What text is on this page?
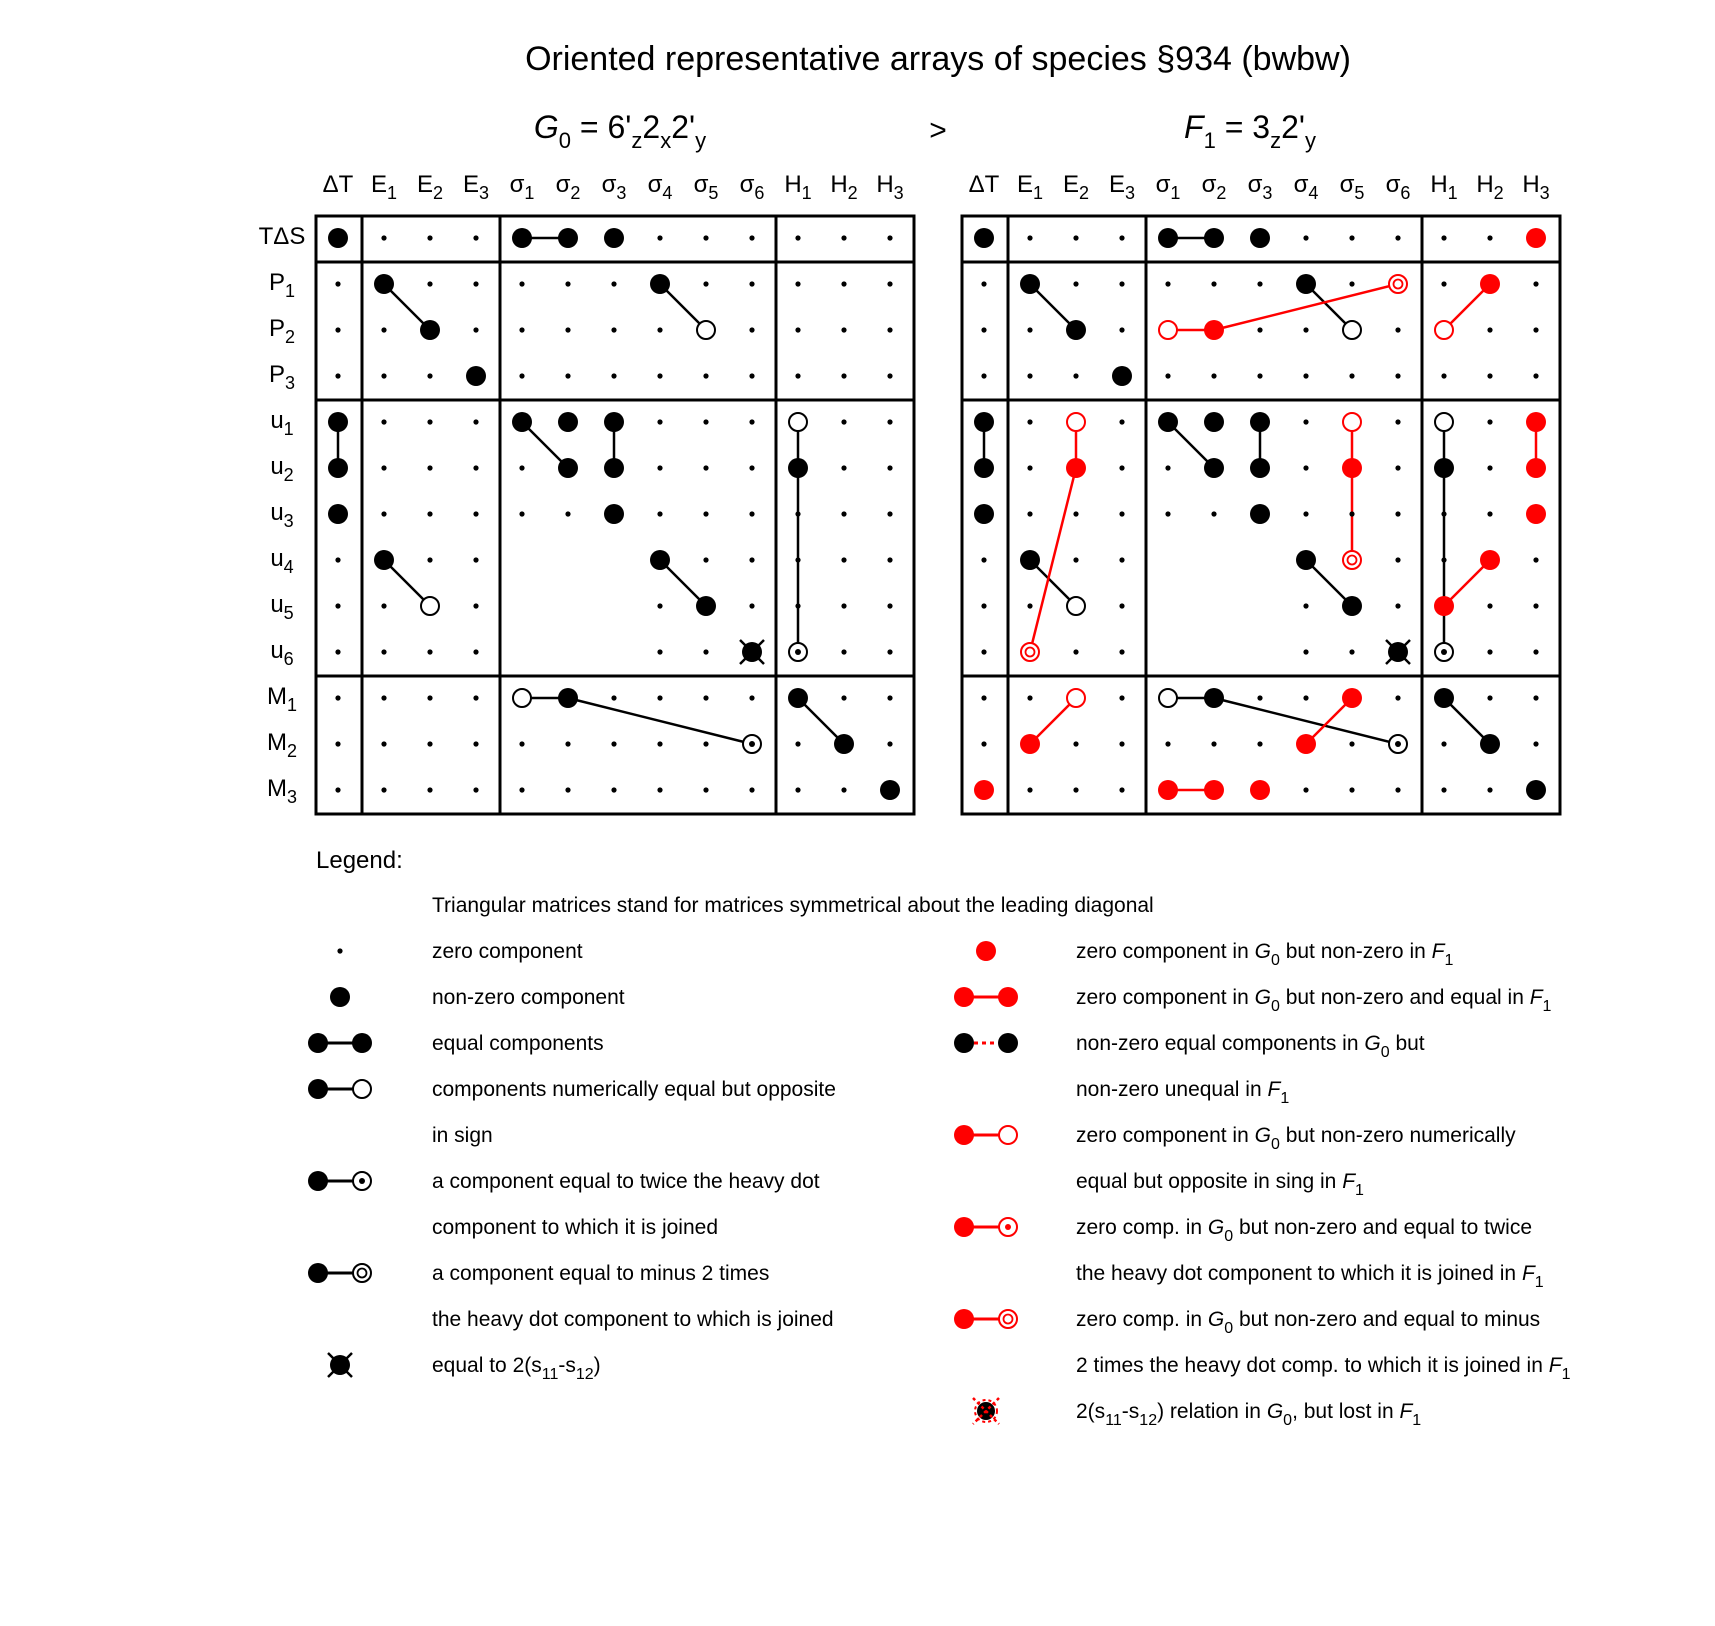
Oriented representative arrays of species §934 (bwbw)
$G_0 = 6'_z2_x2'_y$	>	$F_1 = 3_z2'_y$
ΔT $E_1$ $E_2$ $E_3$ $\sigma_1$ $\sigma_2$ $\sigma_3$ $\sigma_4$ $\sigma_5$ $\sigma_6$ $H_1$ $H_2$ $H_3$
TΔS
$P_1$
$P_2$
$P_3$
$u_1$
$u_2$
$u_3$
$u_4$
$u_5$
$u_6$
$M_1$
$M_2$
$M_3$
ΔT $E_1$ $E_2$ $E_3$ $\sigma_1$ $\sigma_2$ $\sigma_3$ $\sigma_4$ $\sigma_5$ $\sigma_6$ $H_1$ $H_2$ $H_3$
Legend:
Triangular matrices stand for matrices symmetrical about the leading diagonal
zero component
non-zero component
equal components
components numerically equal but opposite
in sign
a component equal to twice the heavy dot
component to which it is joined
a component equal to minus 2 times
the heavy dot component to which is joined
equal to $2(s_{11}-s_{12})$
zero component in $G_0$ but non-zero in $F_1$
zero component in $G_0$ but non-zero and equal in $F_1$
non-zero equal components in $G_0$ but
non-zero unequal in $F_1$
zero component in $G_0$ but non-zero numerically
equal but opposite in sing in $F_1$
zero comp. in $G_0$ but non-zero and equal to twice
the heavy dot component to which it is joined in $F_1$
zero comp. in $G_0$ but non-zero and equal to minus
2 times the heavy dot comp. to which it is joined in $F_1$
$2(s_{11}-s_{12})$ relation in $G_0$, but lost in $F_1$
